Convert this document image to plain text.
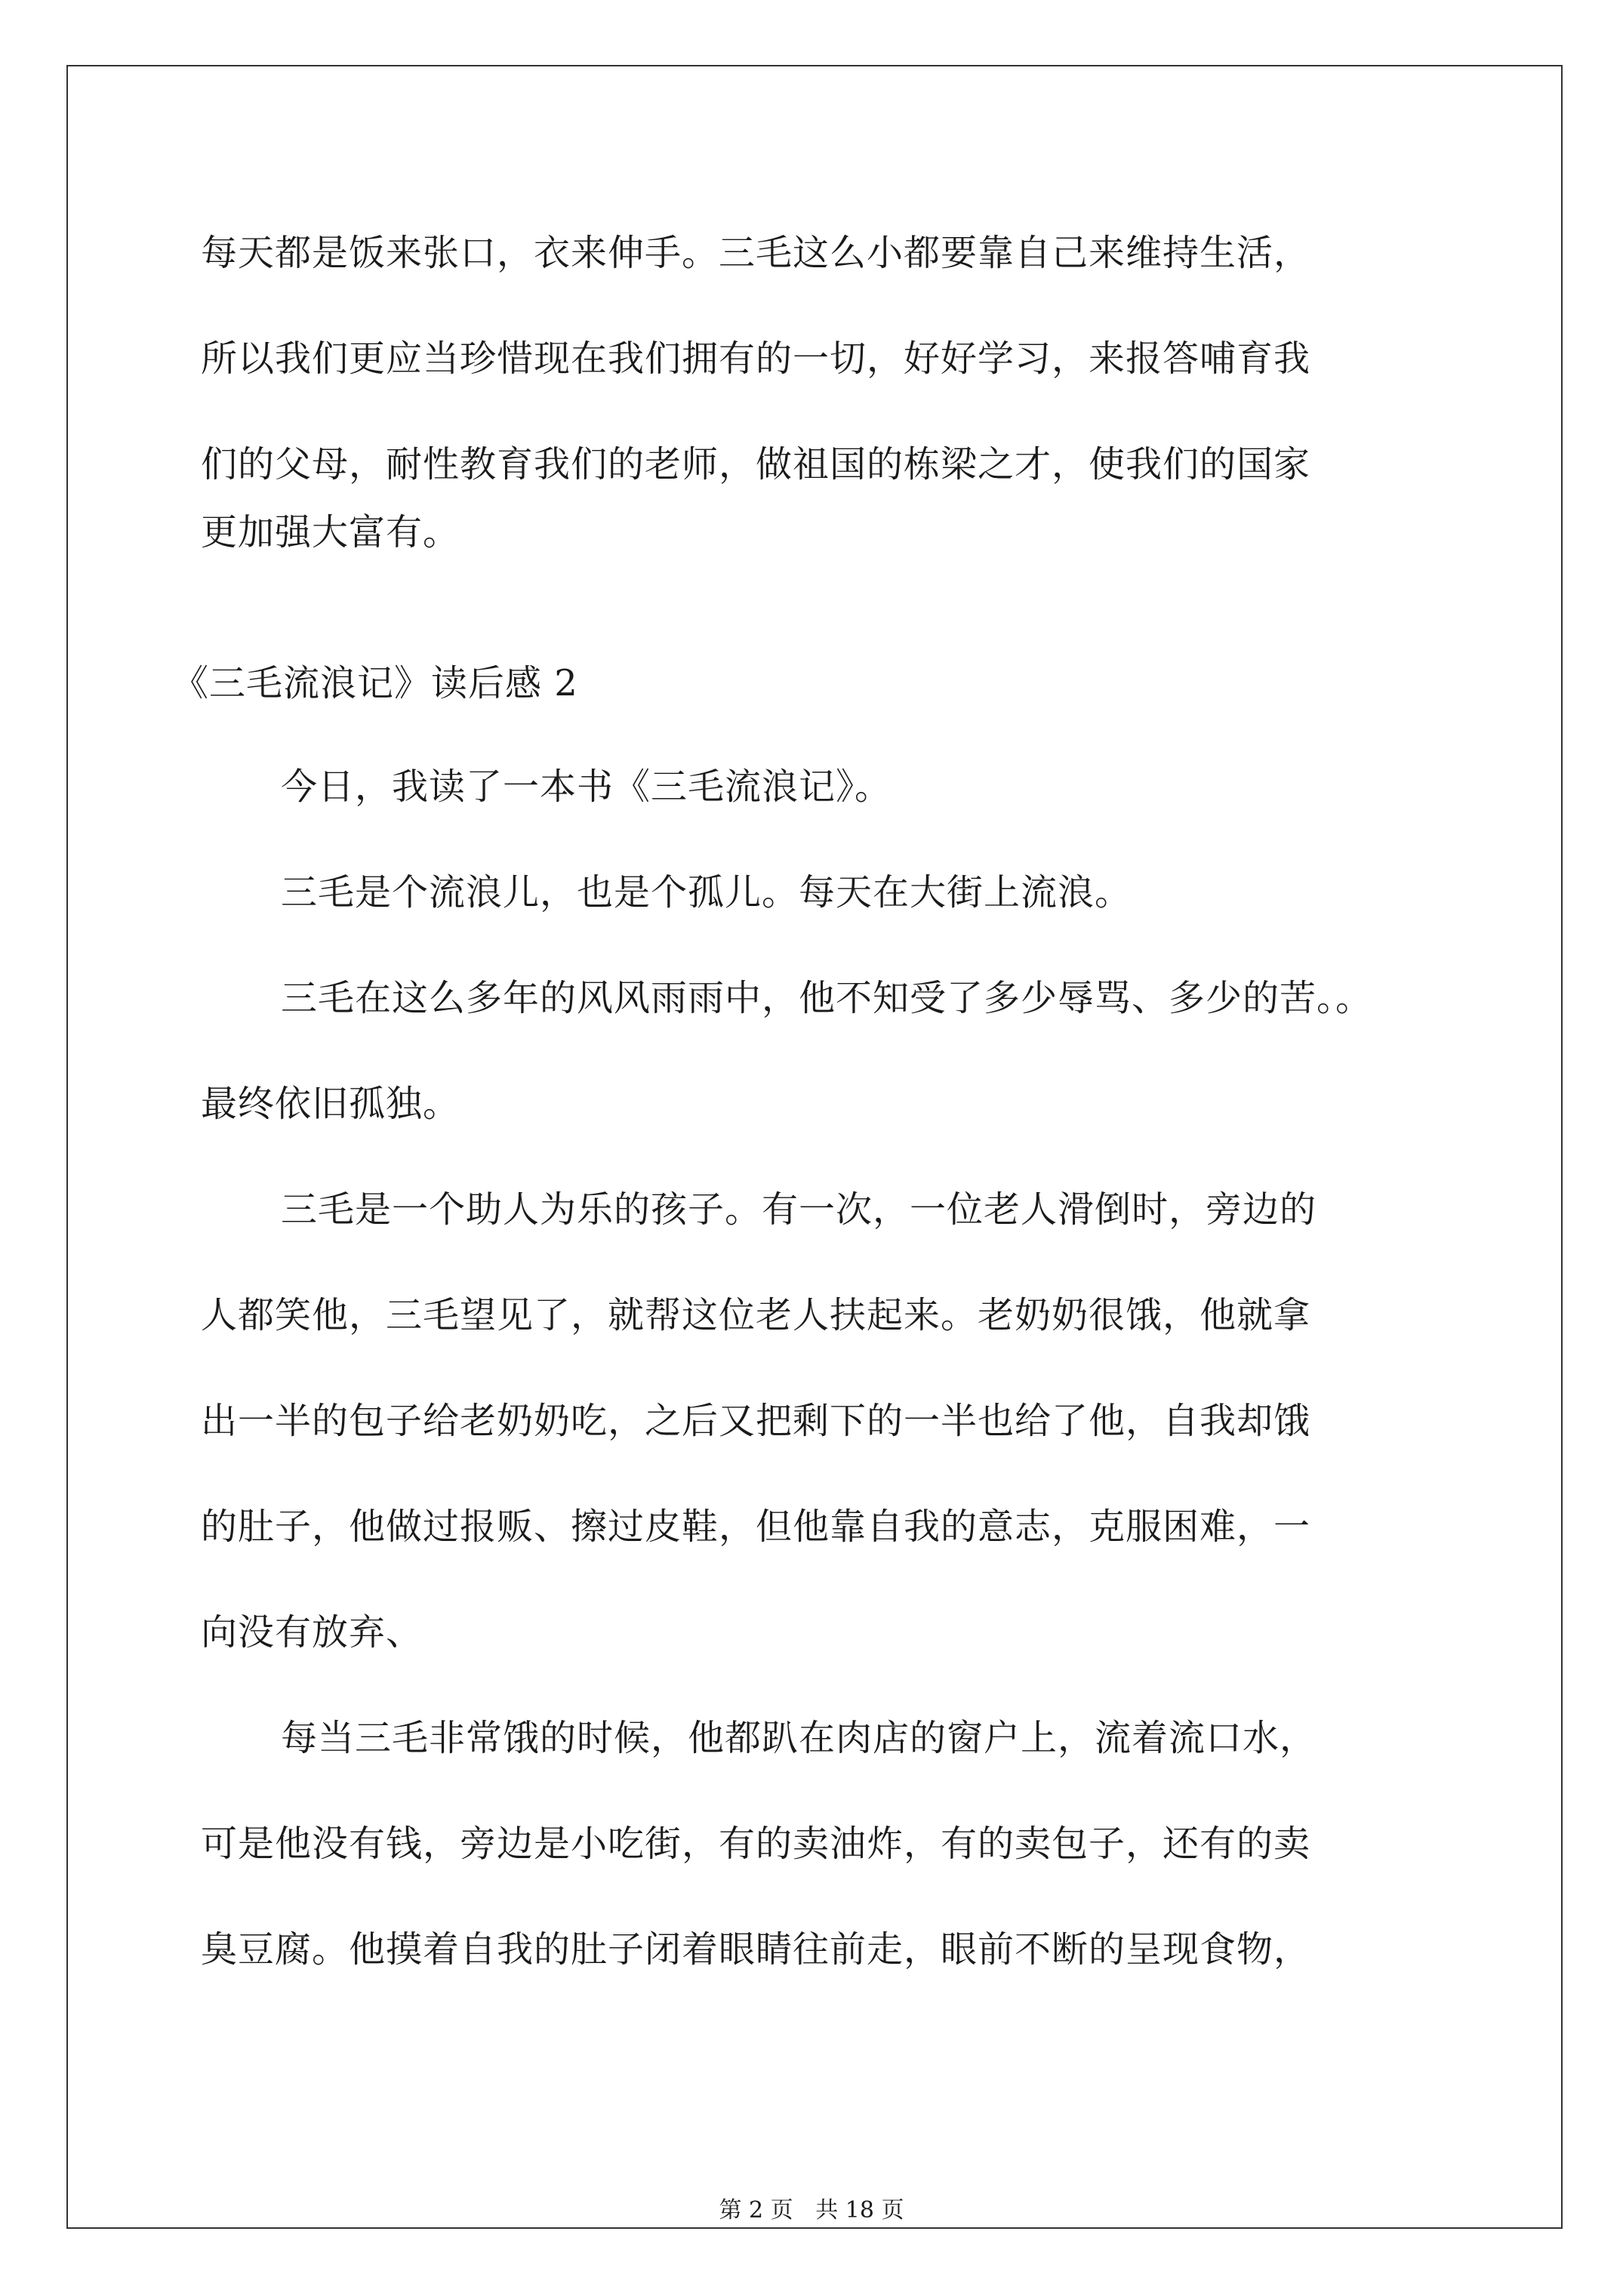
每天都是饭来张口，衣来伸手。三毛这么小都要靠自己来维持生活，
所以我们更应当珍惜现在我们拥有的一切，好好学习，来报答哺育我
们的父母，耐性教育我们的老师，做祖国的栋梁之才，使我们的国家
更加强大富有。
《三毛流浪记》读后感 2
今日，我读了一本书《三毛流浪记》。
三毛是个流浪儿，也是个孤儿。每天在大街上流浪。
三毛在这么多年的风风雨雨中，他不知受了多少辱骂、多少的苦。。
最终依旧孤独。
三毛是一个助人为乐的孩子。有一次，一位老人滑倒时，旁边的
人都笑他，三毛望见了，就帮这位老人扶起来。老奶奶很饿，他就拿
出一半的包子给老奶奶吃，之后又把剩下的一半也给了他，自我却饿
的肚子，他做过报贩、擦过皮鞋，但他靠自我的意志，克服困难，一
向没有放弃、
每当三毛非常饿的时候，他都趴在肉店的窗户上，流着流口水，
可是他没有钱，旁边是小吃街，有的卖油炸，有的卖包子，还有的卖
臭豆腐。他摸着自我的肚子闭着眼睛往前走，眼前不断的呈现食物，
第 2 页 共 18 页
